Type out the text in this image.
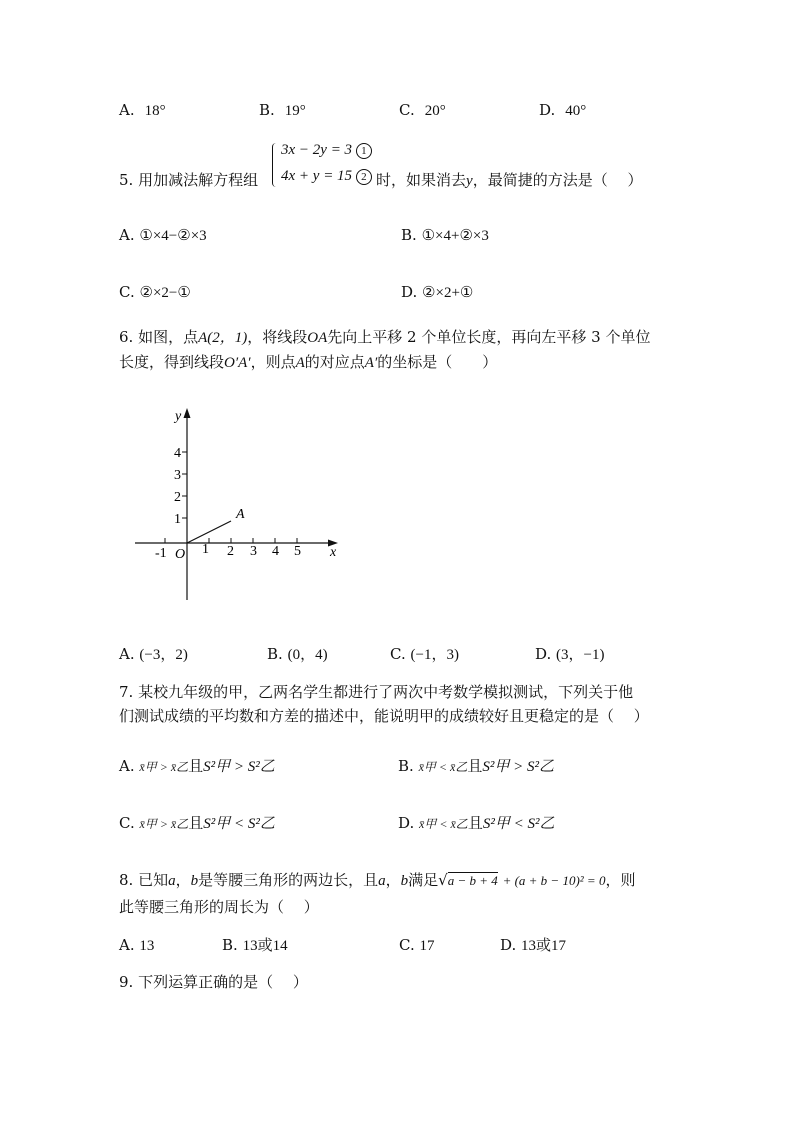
A. 18°	B. 19°	C. 20°	D. 40°
3x − 2y = 3 1
4x + y = 15 2
5. 用加减法解方程组	时，如果消去y，最简捷的方法是（　 ）
A. ①×4−②×3	B. ①×4+②×3
C. ②×2−①	D. ②×2+①
6. 如图，点A(2，1)，将线段OA先向上平移 2 个单位长度，再向左平移 3 个单位
长度，得到线段O′A′，则点A的对应点A′的坐标是（　　）
y
x
1
2
3
4
-1 O 1 2 3 4 5
A
A. (−3，2)	B. (0，4)	C. (−1，3)	D. (3，−1)
7. 某校九年级的甲，乙两名学生都进行了两次中考数学模拟测试，下列关于他
们测试成绩的平均数和方差的描述中，能说明甲的成绩较好且更稳定的是（　 ）
A. x̄甲 > x̄乙且S²甲 > S²乙	B. x̄甲 < x̄乙且S²甲 > S²乙
C. x̄甲 > x̄乙且S²甲 < S²乙	D. x̄甲 < x̄乙且S²甲 < S²乙
8. 已知a，b是等腰三角形的两边长，且a，b满足√a − b + 4 + (a + b − 10)² = 0，则
此等腰三角形的周长为（　 ）
A. 13	B. 13或14	C. 17	D. 13或17
9. 下列运算正确的是（　 ）
